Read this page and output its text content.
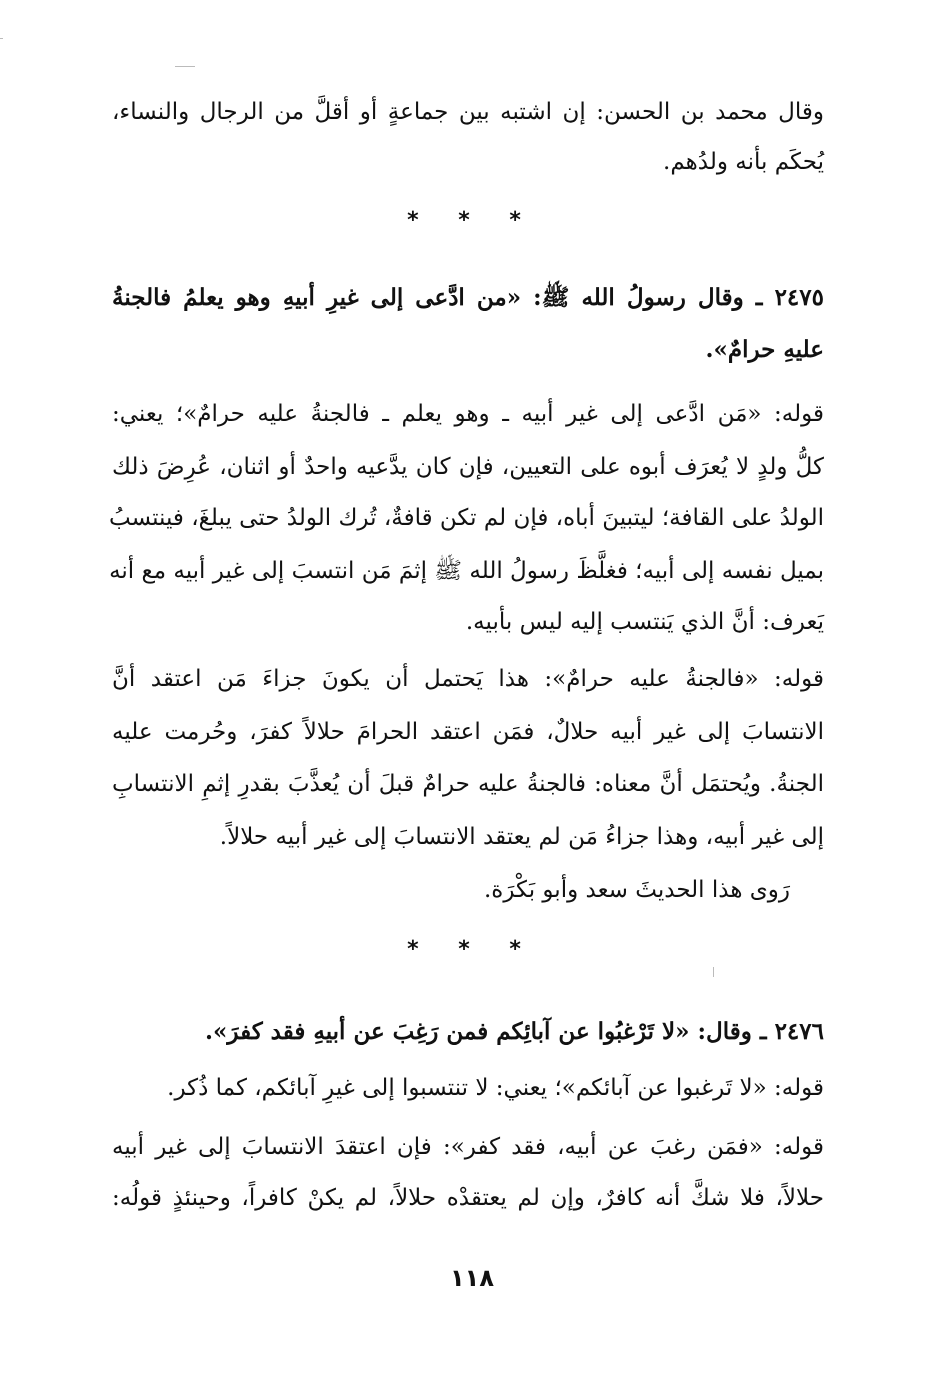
وقال محمد بن الحسن: إن اشتبه بين جماعةٍ أو أقلَّ من الرجال والنساء،
يُحكَم بأنه ولدُهم.
* * *
٢٤٧٥ ـ وقال رسولُ الله ﷺ: «من ادَّعى إلى غيرِ أبيهِ وهو يعلمُ فالجنةُ
عليهِ حرامٌ».
قوله: «مَن ادَّعى إلى غير أبيه ـ وهو يعلم ـ فالجنةُ عليه حرامٌ»؛ يعني:
كلُّ ولدٍ لا يُعرَف أبوه على التعيين، فإن كان يدَّعيه واحدٌ أو اثنان، عُرِضَ ذلك
الولدُ على القافة؛ ليتبينَ أباه، فإن لم تكن قافةٌ، تُرك الولدُ حتى يبلغَ، فينتسبُ
بميل نفسه إلى أبيه؛ فغلَّظَ رسولُ الله ﷺ إثمَ مَن انتسبَ إلى غير أبيه مع أنه
يَعرف: أنَّ الذي يَنتسب إليه ليس بأبيه.
قوله: «فالجنةُ عليه حرامٌ»: هذا يَحتمل أن يكونَ جزاءَ مَن اعتقد أنَّ
الانتسابَ إلى غير أبيه حلالٌ، فمَن اعتقد الحرامَ حلالاً كفرَ، وحُرمت عليه
الجنةُ. ويُحتمَل أنَّ معناه: فالجنةُ عليه حرامٌ قبلَ أن يُعذَّبَ بقدرِ إثمِ الانتسابِ
إلى غير أبيه، وهذا جزاءُ مَن لم يعتقد الانتسابَ إلى غير أبيه حلالاً.
رَوى هذا الحديثَ سعد وأبو بَكْرَة.
* * *
٢٤٧٦ ـ وقال: «لا تَرْغبُوا عن آبائِكم فمن رَغِبَ عن أبيهِ فقد كفرَ».
قوله: «لا تَرغبوا عن آبائكم»؛ يعني: لا تنتسبوا إلى غيرِ آبائكم، كما ذُكر.
قوله: «فمَن رغبَ عن أبيه، فقد كفر»: فإن اعتقدَ الانتسابَ إلى غير أبيه
حلالاً، فلا شكَّ أنه كافرٌ، وإن لم يعتقدْه حلالاً، لم يكنْ كافراً، وحينئذٍ قولُه:
١١٨
